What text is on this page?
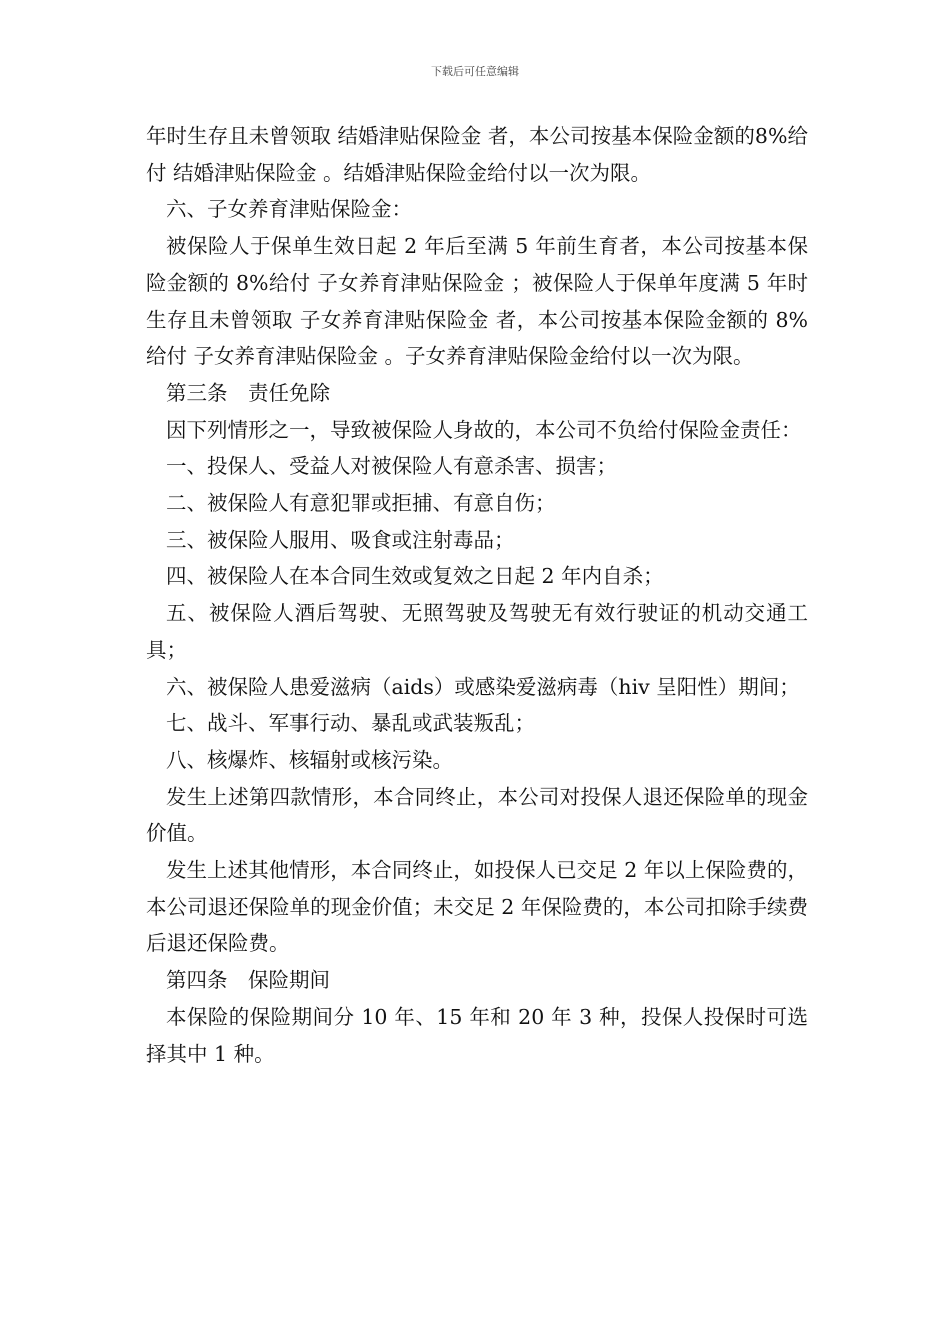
下载后可任意编辑

年时生存且未曾领取 结婚津贴保险金 者，本公司按基本保险金额的8%给付 结婚津贴保险金 。结婚津贴保险金给付以一次为限。

六、子女养育津贴保险金：

被保险人于保单生效日起 2 年后至满 5 年前生育者，本公司按基本保险金额的 8%给付 子女养育津贴保险金 ；被保险人于保单年度满 5 年时生存且未曾领取 子女养育津贴保险金 者，本公司按基本保险金额的 8%给付 子女养育津贴保险金 。子女养育津贴保险金给付以一次为限。

第三条　责任免除

因下列情形之一，导致被保险人身故的，本公司不负给付保险金责任：

一、投保人、受益人对被保险人有意杀害、损害；

二、被保险人有意犯罪或拒捕、有意自伤；

三、被保险人服用、吸食或注射毒品；

四、被保险人在本合同生效或复效之日起 2 年内自杀；

五、被保险人酒后驾驶、无照驾驶及驾驶无有效行驶证的机动交通工具；

六、被保险人患爱滋病（aids）或感染爱滋病毒（hiv 呈阳性）期间；

七、战斗、军事行动、暴乱或武装叛乱；

八、核爆炸、核辐射或核污染。

发生上述第四款情形，本合同终止，本公司对投保人退还保险单的现金价值。

发生上述其他情形，本合同终止，如投保人已交足 2 年以上保险费的，本公司退还保险单的现金价值；未交足 2 年保险费的，本公司扣除手续费后退还保险费。

第四条　保险期间

本保险的保险期间分 10 年、15 年和 20 年 3 种，投保人投保时可选择其中 1 种。
